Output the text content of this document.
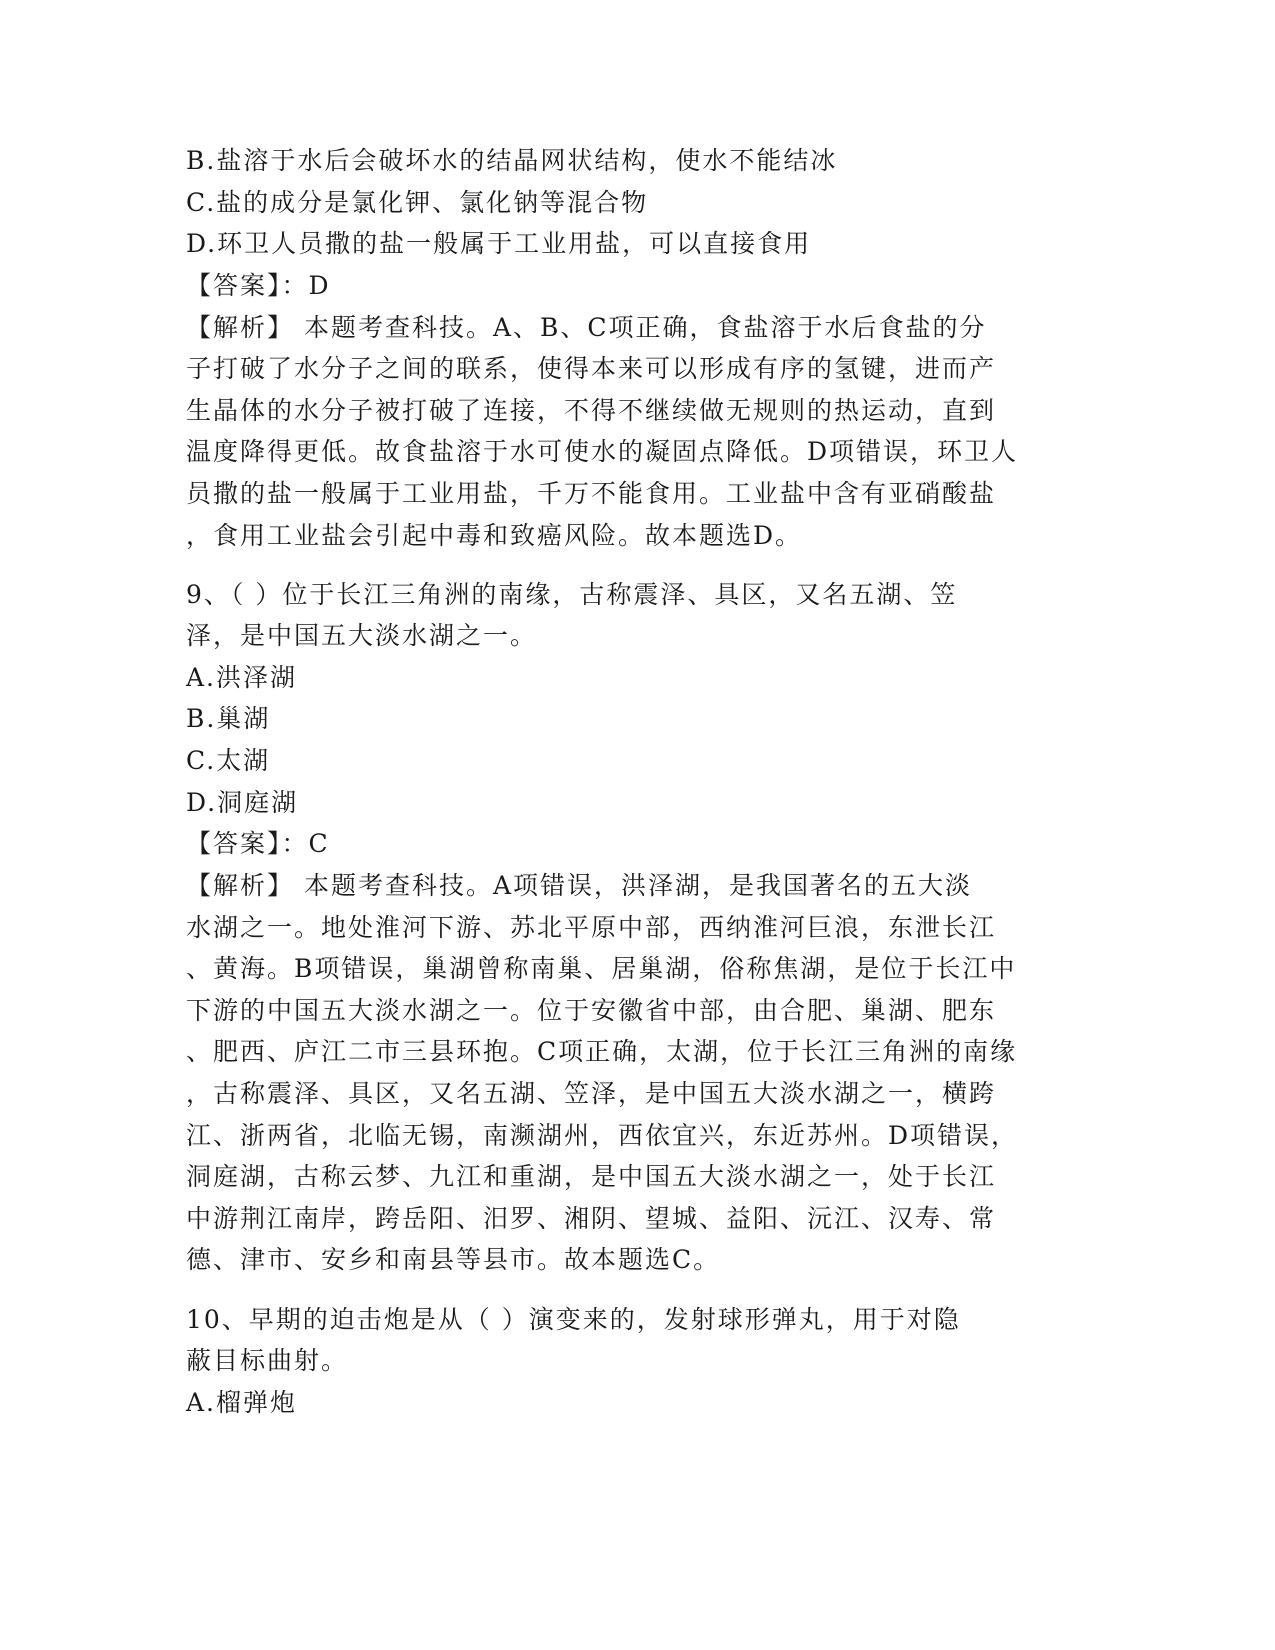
B.盐溶于水后会破坏水的结晶网状结构，使水不能结冰

C.盐的成分是氯化钾、氯化钠等混合物

D.环卫人员撒的盐一般属于工业用盐，可以直接食用

【答案】：D

【解析】 本题考查科技。A、B、C项正确，食盐溶于水后食盐的分

子打破了水分子之间的联系，使得本来可以形成有序的氢键，进而产

生晶体的水分子被打破了连接，不得不继续做无规则的热运动，直到

温度降得更低。故食盐溶于水可使水的凝固点降低。D项错误，环卫人

员撒的盐一般属于工业用盐，千万不能食用。工业盐中含有亚硝酸盐

，食用工业盐会引起中毒和致癌风险。故本题选D。

9、（ ）位于长江三角洲的南缘，古称震泽、具区，又名五湖、笠

泽，是中国五大淡水湖之一。

A.洪泽湖

B.巢湖

C.太湖

D.洞庭湖

【答案】：C

【解析】 本题考查科技。A项错误，洪泽湖，是我国著名的五大淡

水湖之一。地处淮河下游、苏北平原中部，西纳淮河巨浪，东泄长江

、黄海。B项错误，巢湖曾称南巢、居巢湖，俗称焦湖，是位于长江中

下游的中国五大淡水湖之一。位于安徽省中部，由合肥、巢湖、肥东

、肥西、庐江二市三县环抱。C项正确，太湖，位于长江三角洲的南缘

，古称震泽、具区，又名五湖、笠泽，是中国五大淡水湖之一，横跨

江、浙两省，北临无锡，南濒湖州，西依宜兴，东近苏州。D项错误，

洞庭湖，古称云梦、九江和重湖，是中国五大淡水湖之一，处于长江

中游荆江南岸，跨岳阳、汨罗、湘阴、望城、益阳、沅江、汉寿、常

德、津市、安乡和南县等县市。故本题选C。

10、早期的迫击炮是从（ ）演变来的，发射球形弹丸，用于对隐

蔽目标曲射。

A.榴弹炮
